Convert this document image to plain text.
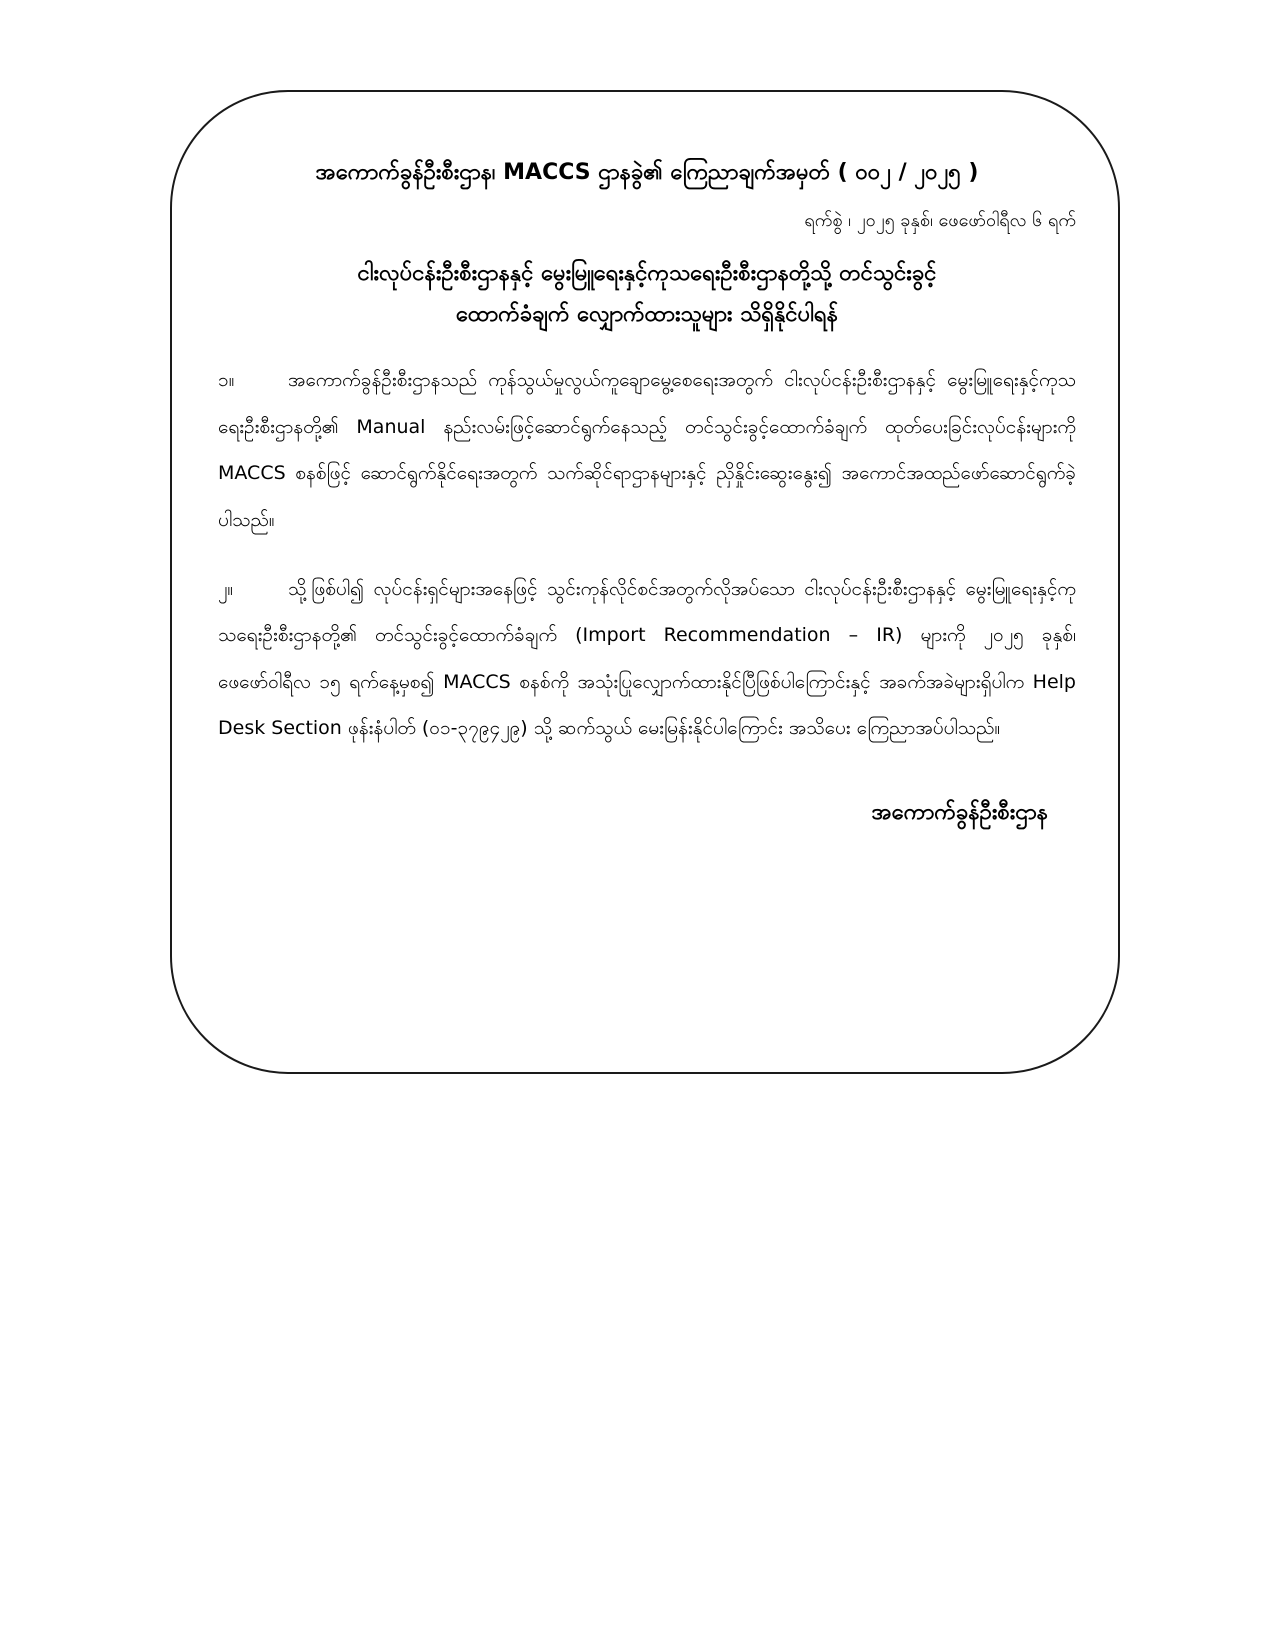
အကောက်ခွန်ဦးစီးဌာန၊ MACCS ဌာနခွဲ၏ ကြေညာချက်အမှတ် ( ၀၀၂ / ၂၀၂၅ )
ရက်စွဲ ၊ ၂၀၂၅ ခုနှစ်၊ ဖေဖော်ဝါရီလ ၆ ရက်
ငါးလုပ်ငန်းဦးစီးဌာနနှင့် မွေးမြူရေးနှင့်ကုသရေးဦးစီးဌာနတို့သို့ တင်သွင်းခွင့်
ထောက်ခံချက် လျှောက်ထားသူများ သိရှိနိုင်ပါရန်
၁။	အကောက်ခွန်ဦးစီးဌာနသည် ကုန်သွယ်မှုလွယ်ကူချောမွေ့စေရေးအတွက် ငါးလုပ်ငန်းဦးစီးဌာနနှင့် မွေးမြူရေးနှင့်ကုသရေးဦးစီးဌာနတို့၏ Manual နည်းလမ်းဖြင့်ဆောင်ရွက်နေသည့် တင်သွင်းခွင့်ထောက်ခံချက် ထုတ်ပေးခြင်းလုပ်ငန်းများကို MACCS စနစ်ဖြင့် ဆောင်ရွက်နိုင်ရေးအတွက် သက်ဆိုင်ရာဌာနများနှင့် ညှိနှိုင်းဆွေးနွေး၍ အကောင်အထည်ဖော်ဆောင်ရွက်ခဲ့ပါသည်။
၂။	သို့ဖြစ်ပါ၍ လုပ်ငန်းရှင်များအနေဖြင့် သွင်းကုန်လိုင်စင်အတွက်လိုအပ်သော ငါးလုပ်ငန်းဦးစီးဌာနနှင့် မွေးမြူရေးနှင့်ကုသရေးဦးစီးဌာနတို့၏ တင်သွင်းခွင့်ထောက်ခံချက် (Import Recommendation – IR) များကို ၂၀၂၅ ခုနှစ်၊ ဖေဖော်ဝါရီလ ၁၅ ရက်နေ့မှစ၍ MACCS စနစ်ကို အသုံးပြုလျှောက်ထားနိုင်ပြီဖြစ်ပါကြောင်းနှင့် အခက်အခဲများရှိပါက Help Desk Section ဖုန်းနံပါတ် (၀၁-၃၇၉၄၂၉) သို့ ဆက်သွယ် မေးမြန်းနိုင်ပါကြောင်း အသိပေး ကြေညာအပ်ပါသည်။
အကောက်ခွန်ဦးစီးဌာန
